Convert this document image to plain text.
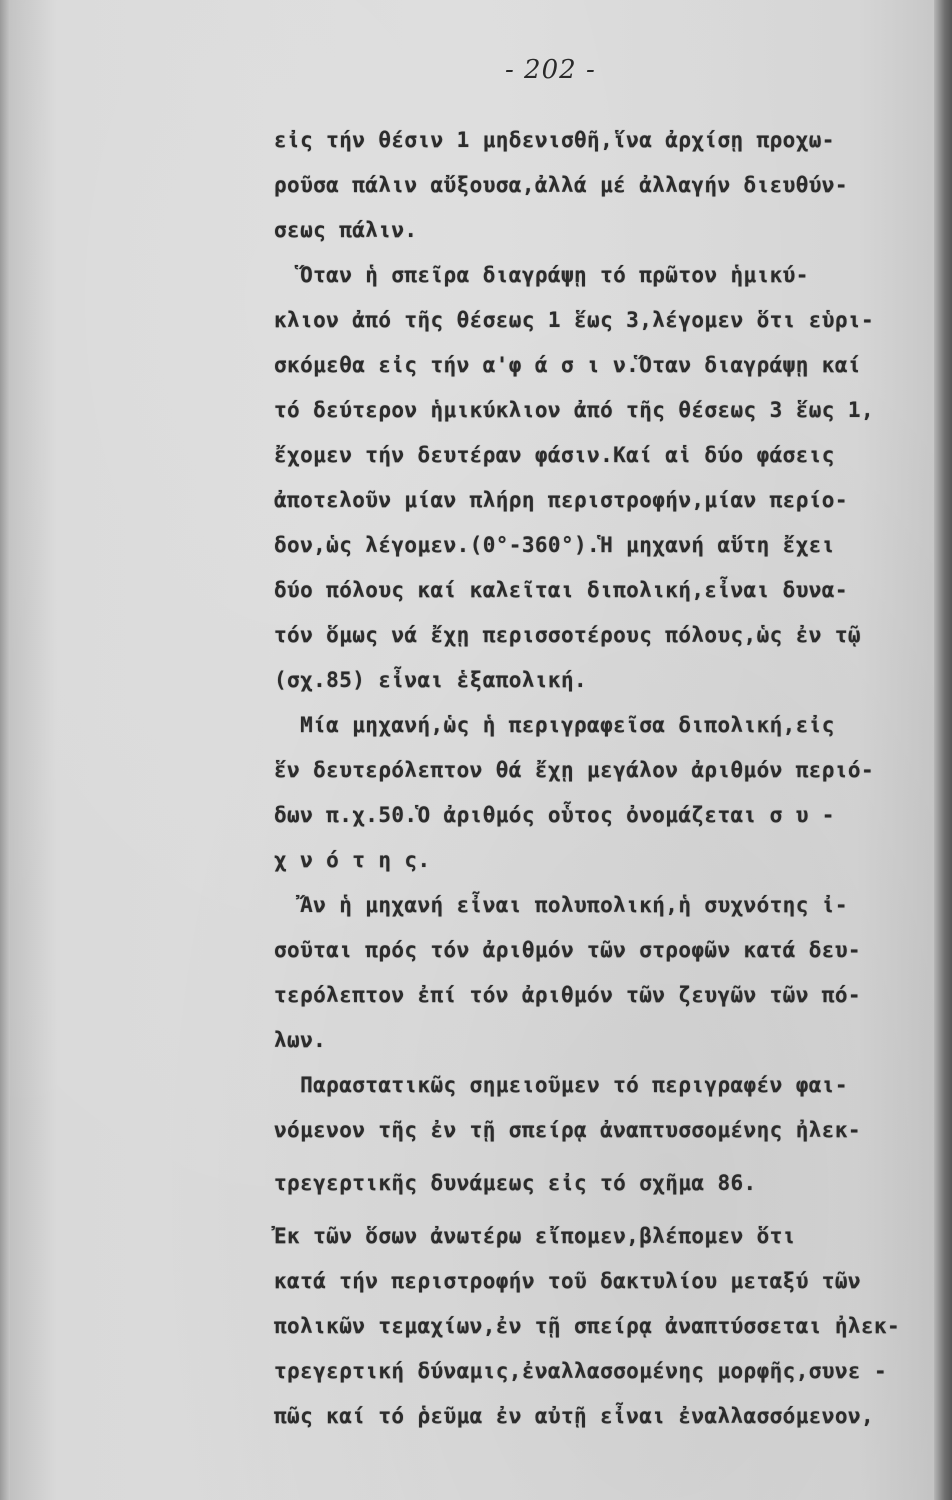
- 202 -
εἰς τήν θέσιν 1 μηδενισθῆ,ἵνα ἀρχίσῃ προχω-
ροῦσα πάλιν αὔξουσα,ἀλλά μέ ἀλλαγήν διευθύν-
σεως πάλιν.
Ὅταν ἡ σπεῖρα διαγράψῃ τό πρῶτον ἡμικύ-
κλιον ἀπό τῆς θέσεως 1 ἕως 3,λέγομεν ὅτι εὑρι-
σκόμεθα εἰς τήν α'φ ά σ ι ν.Ὅταν διαγράψῃ καί
τό δεύτερον ἡμικύκλιον ἀπό τῆς θέσεως 3 ἕως 1,
ἔχομεν τήν δευτέραν φάσιν.Καί αἱ δύο φάσεις
ἀποτελοῦν μίαν πλήρη περιστροφήν,μίαν περίο-
δον,ὡς λέγομεν.(0°-360°).Ἡ μηχανή αὕτη ἔχει
δύο πόλους καί καλεῖται διπολική,εἶναι δυνα-
τόν ὅμως νά ἔχῃ περισσοτέρους πόλους,ὡς ἐν τῷ
(σχ.85) εἶναι ἑξαπολική.
Μία μηχανή,ὡς ἡ περιγραφεῖσα διπολική,εἰς
ἕν δευτερόλεπτον θά ἔχῃ μεγάλον ἀριθμόν περιό-
δων π.χ.50.Ὁ ἀριθμός οὗτος ὀνομάζεται σ υ -
χ ν ό τ η ς.
Ἄν ἡ μηχανή εἶναι πολυπολική,ἡ συχνότης ἰ-
σοῦται πρός τόν ἀριθμόν τῶν στροφῶν κατά δευ-
τερόλεπτον ἐπί τόν ἀριθμόν τῶν ζευγῶν τῶν πό-
λων.
Παραστατικῶς σημειοῦμεν τό περιγραφέν φαι-
νόμενον τῆς ἐν τῇ σπείρᾳ ἀναπτυσσομένης ἠλεκ-
τρεγερτικῆς δυνάμεως εἰς τό σχῆμα 86.
Ἐκ τῶν ὅσων ἀνωτέρω εἴπομεν,βλέπομεν ὅτι
κατά τήν περιστροφήν τοῦ δακτυλίου μεταξύ τῶν
πολικῶν τεμαχίων,ἐν τῇ σπείρᾳ ἀναπτύσσεται ἠλεκ-
τρεγερτική δύναμις,ἐναλλασσομένης μορφῆς,συνε -
πῶς καί τό ῥεῦμα ἐν αὐτῇ εἶναι ἐναλλασσόμενον,
